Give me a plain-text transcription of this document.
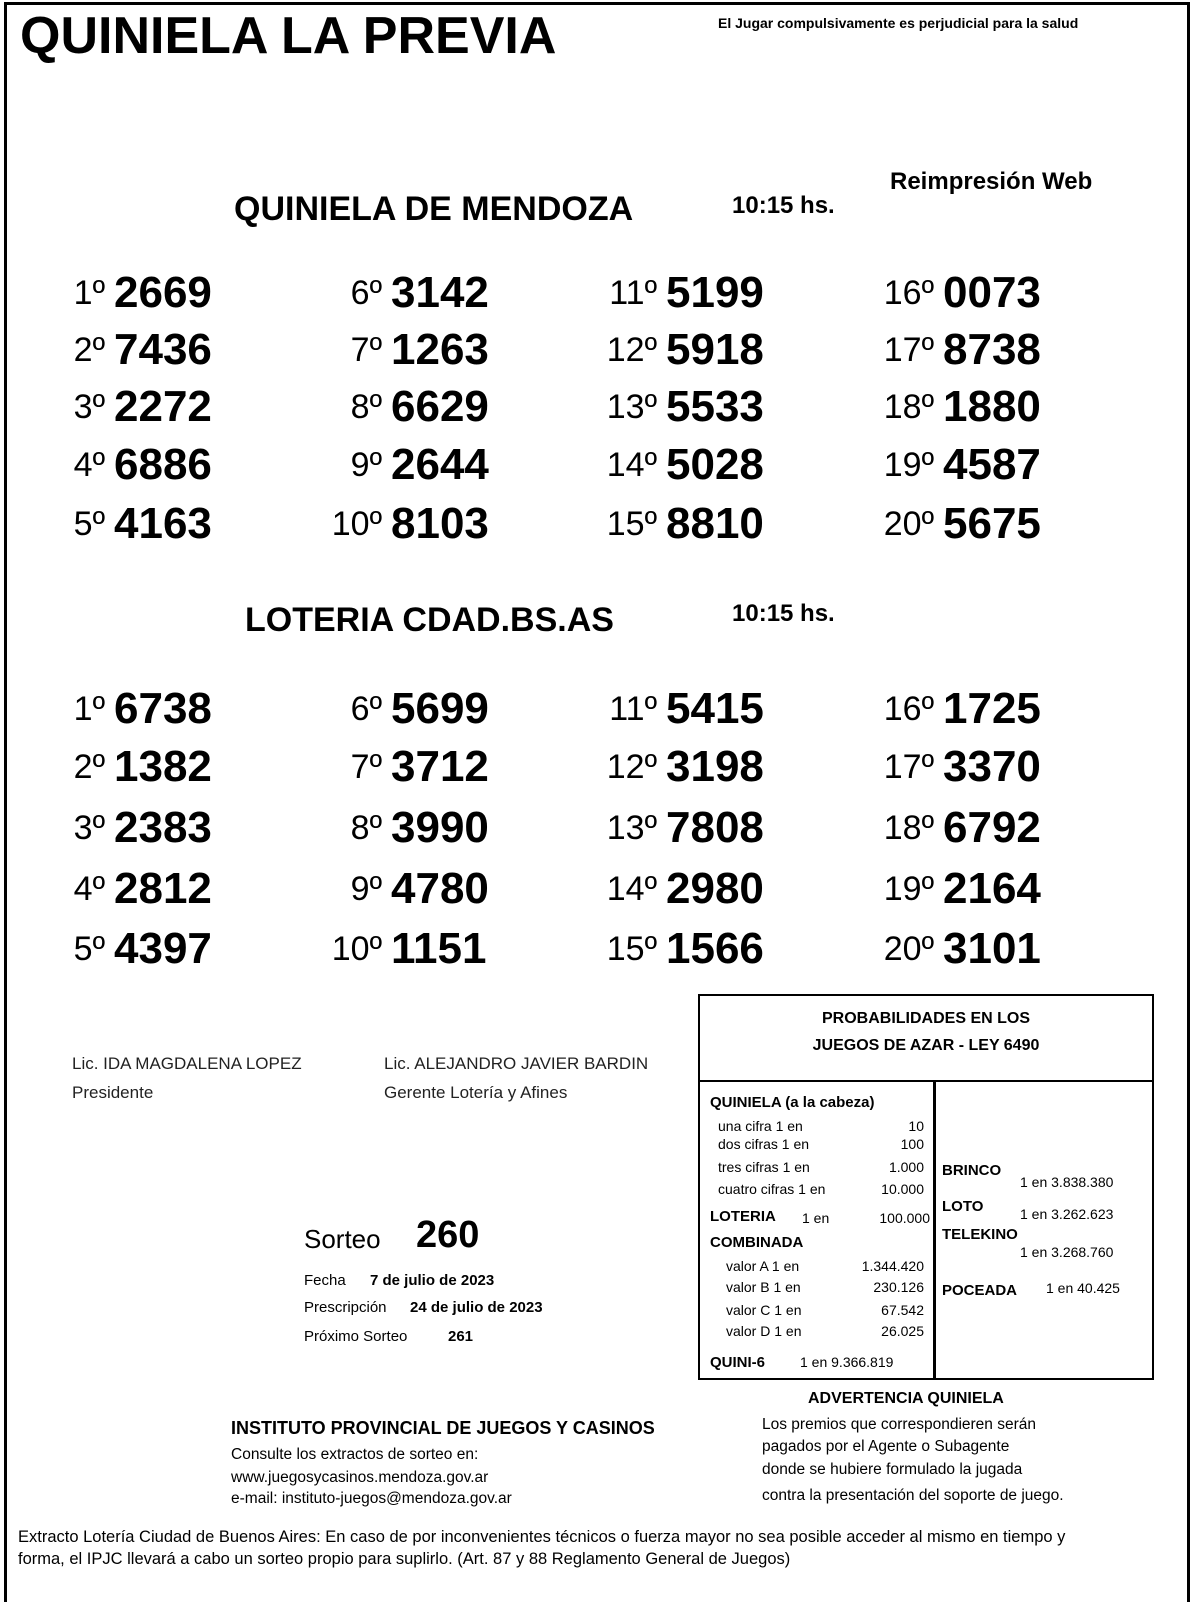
QUINIELA LA PREVIA	El Jugar compulsivamente es perjudicial para la salud
Reimpresión Web
QUINIELA DE MENDOZA	10:15 hs.
1º 2669
2º 7436
3º 2272
4º 6886
5º 4163
6º 3142
7º 1263
8º 6629
9º 2644
10º 8103
11º 5199
12º 5918
13º 5533
14º 5028
15º 8810
16º 0073
17º 8738
18º 1880
19º 4587
20º 5675
LOTERIA CDAD.BS.AS	10:15 hs.
1º 6738
2º 1382
3º 2383
4º 2812
5º 4397
6º 5699
7º 3712
8º 3990
9º 4780
10º 1151
11º 5415
12º 3198
13º 7808
14º 2980
15º 1566
16º 1725
17º 3370
18º 6792
19º 2164
20º 3101
Lic. IDA MAGDALENA LOPEZ
Presidente
Lic. ALEJANDRO JAVIER BARDIN
Gerente Lotería y Afines
Sorteo 260
Fecha 7 de julio de 2023
Prescripción 24 de julio de 2023
Próximo Sorteo	261
PROBABILIDADES EN LOS
JUEGOS DE AZAR - LEY 6490
QUINIELA (a la cabeza)
una cifra 1 en	10
dos cifras 1 en	100
tres cifras 1 en	1.000
cuatro cifras 1 en	10.000
LOTERIA 1 en	100.000
COMBINADA
valor A 1 en	1.344.420
valor B 1 en	230.126
valor C 1 en	67.542
valor D 1 en	26.025
QUINI-6 1 en 9.366.819
BRINCO
1 en 3.838.380
LOTO	1 en 3.262.623
TELEKINO
1 en 3.268.760
POCEADA 1 en 40.425
INSTITUTO PROVINCIAL DE JUEGOS Y CASINOS
Consulte los extractos de sorteo en:
www.juegosycasinos.mendoza.gov.ar
e-mail: instituto-juegos@mendoza.gov.ar
ADVERTENCIA QUINIELA
Los premios que correspondieren serán
pagados por el Agente o Subagente
donde se hubiere formulado la jugada
contra la presentación del soporte de juego.
Extracto Lotería Ciudad de Buenos Aires: En caso de por inconvenientes técnicos o fuerza mayor no sea posible acceder al mismo en tiempo y
forma, el IPJC llevará a cabo un sorteo propio para suplirlo. (Art. 87 y 88 Reglamento General de Juegos)
